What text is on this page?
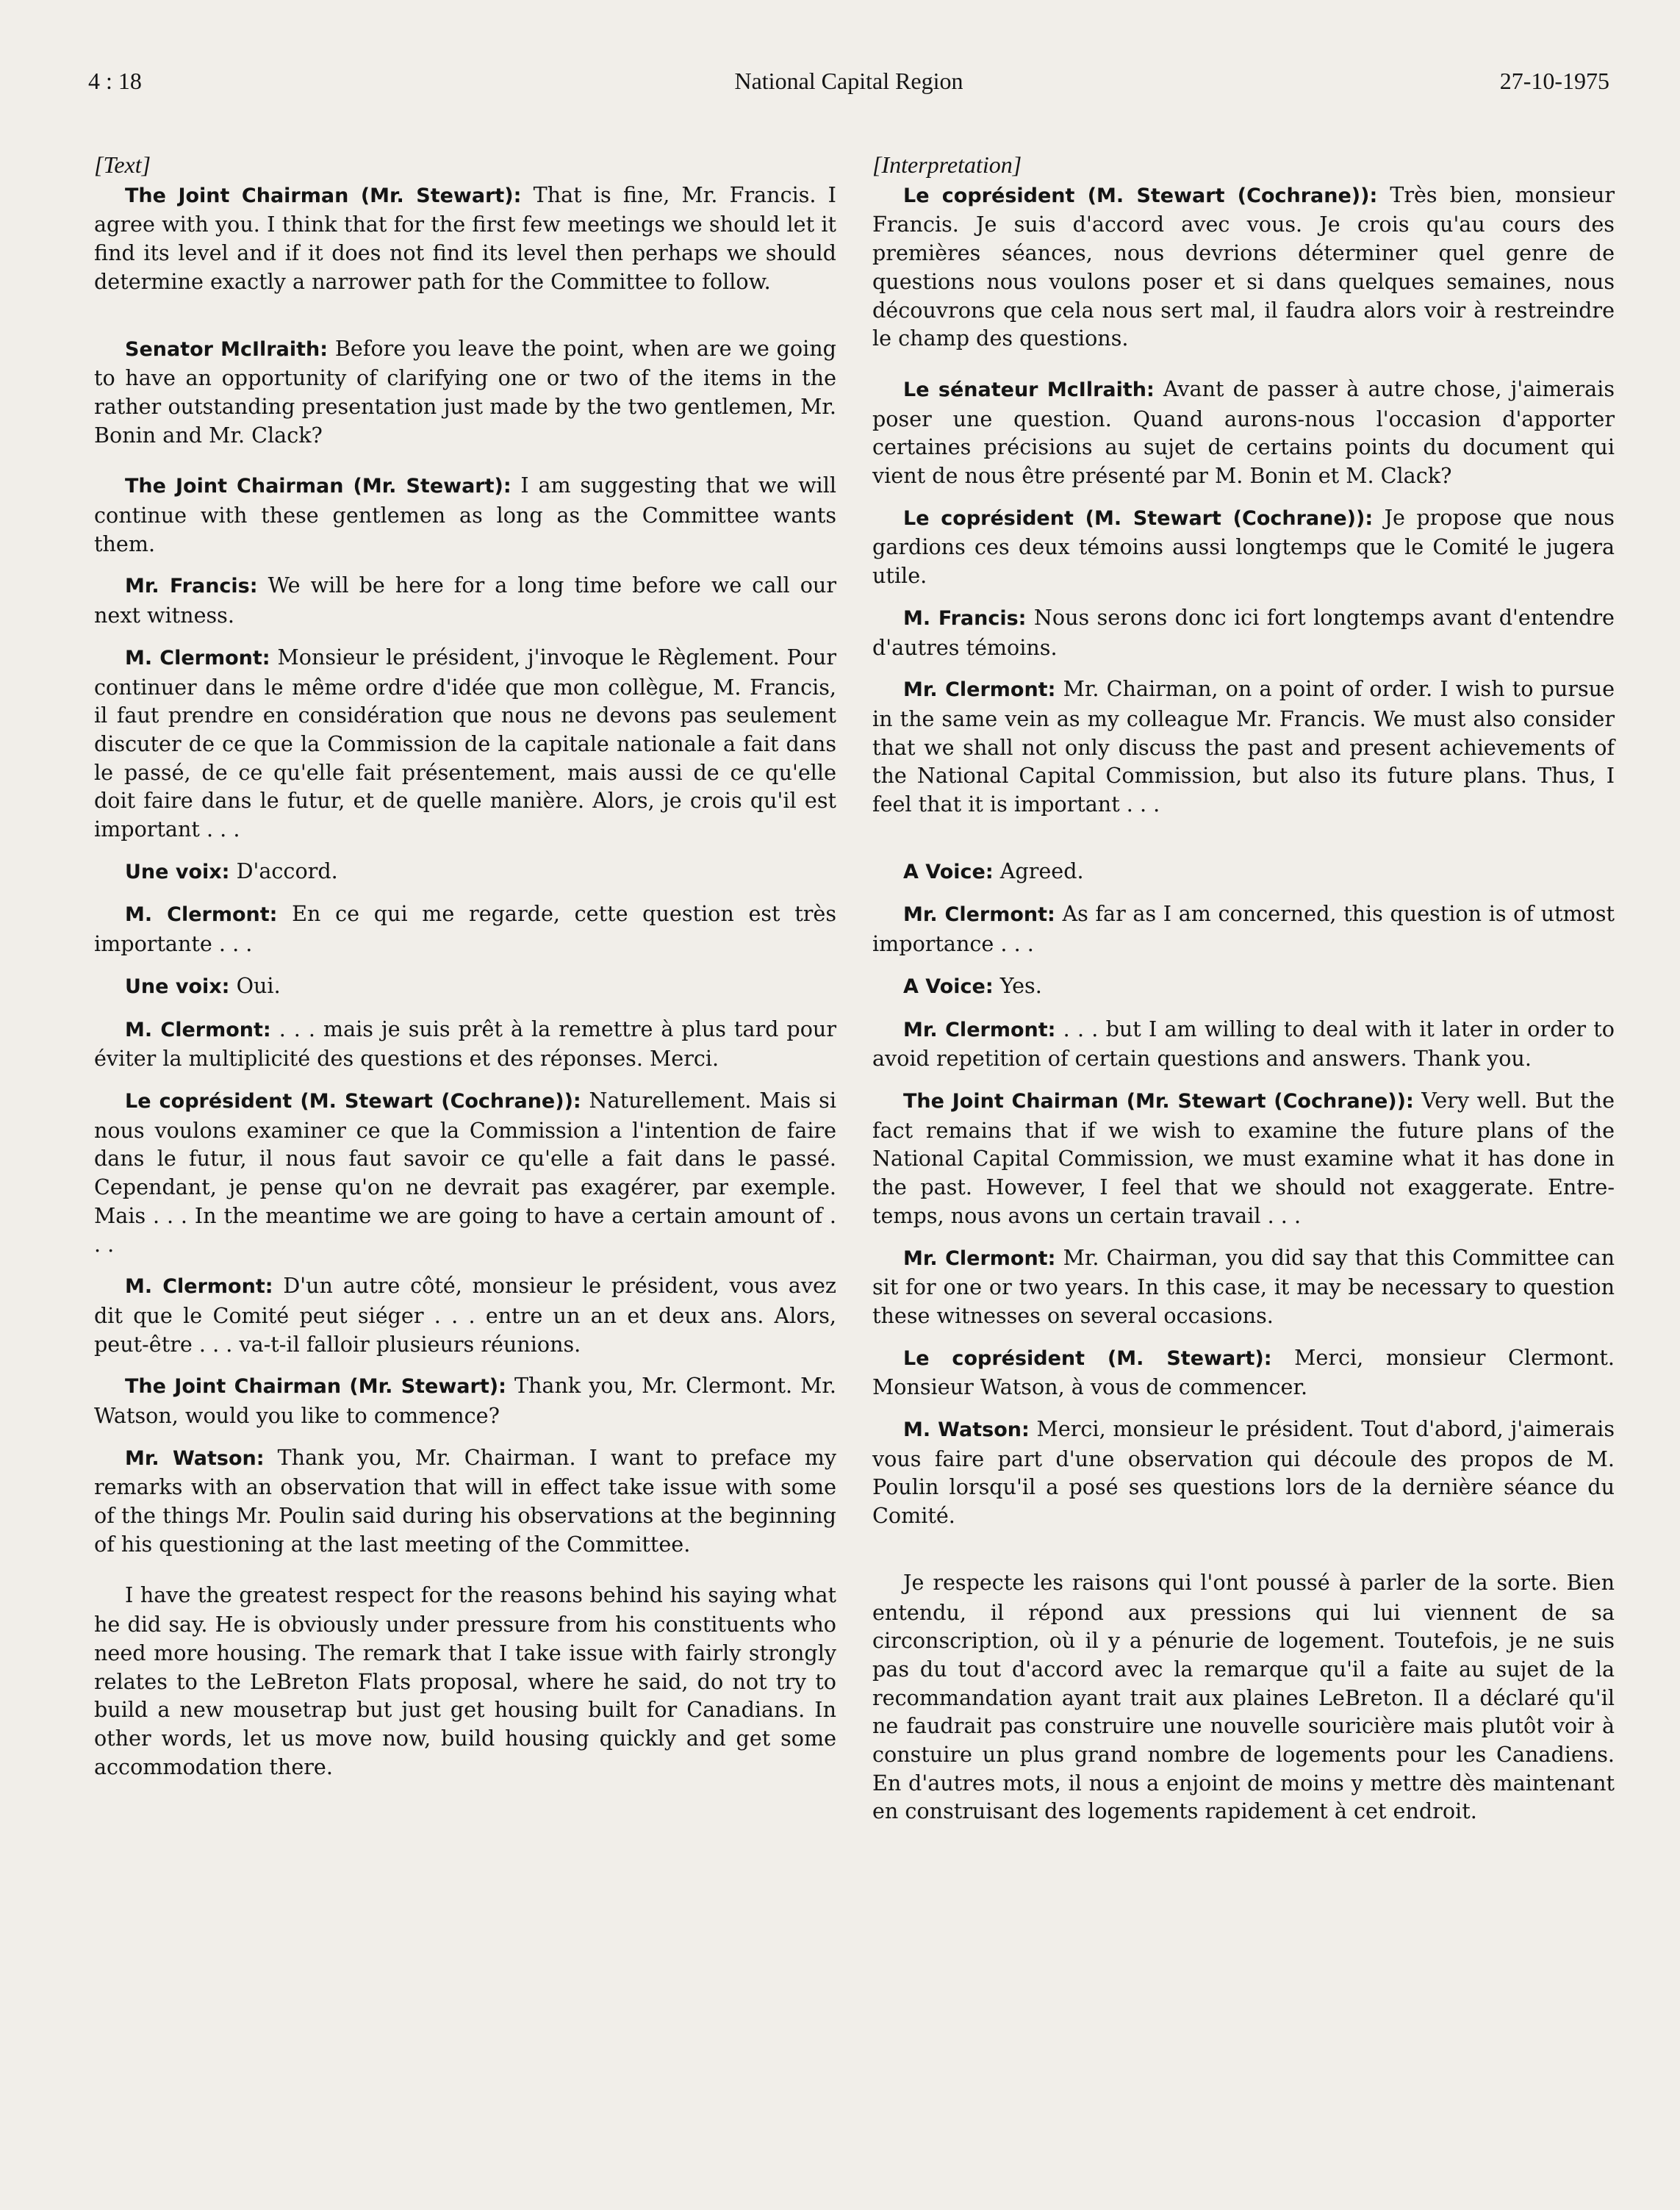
4 : 18	National Capital Region	27-10-1975

[Text]

The Joint Chairman (Mr. Stewart): That is fine, Mr. Francis. I agree with you. I think that for the first few meetings we should let it find its level and if it does not find its level then perhaps we should determine exactly a narrower path for the Committee to follow.

Senator McIlraith: Before you leave the point, when are we going to have an opportunity of clarifying one or two of the items in the rather outstanding presentation just made by the two gentlemen, Mr. Bonin and Mr. Clack?

The Joint Chairman (Mr. Stewart): I am suggesting that we will continue with these gentlemen as long as the Committee wants them.

Mr. Francis: We will be here for a long time before we call our next witness.

M. Clermont: Monsieur le président, j'invoque le Règlement. Pour continuer dans le même ordre d'idée que mon collègue, M. Francis, il faut prendre en considération que nous ne devons pas seulement discuter de ce que la Commission de la capitale nationale a fait dans le passé, de ce qu'elle fait présentement, mais aussi de ce qu'elle doit faire dans le futur, et de quelle manière. Alors, je crois qu'il est important . . .

Une voix: D'accord.

M. Clermont: En ce qui me regarde, cette question est très importante . . .

Une voix: Oui.

M. Clermont: . . . mais je suis prêt à la remettre à plus tard pour éviter la multiplicité des questions et des réponses. Merci.

Le coprésident (M. Stewart (Cochrane)): Naturellement. Mais si nous voulons examiner ce que la Commission a l'intention de faire dans le futur, il nous faut savoir ce qu'elle a fait dans le passé. Cependant, je pense qu'on ne devrait pas exagérer, par exemple. Mais . . . In the meantime we are going to have a certain amount of . . .

M. Clermont: D'un autre côté, monsieur le président, vous avez dit que le Comité peut siéger . . . entre un an et deux ans. Alors, peut-être . . . va-t-il falloir plusieurs réunions.

The Joint Chairman (Mr. Stewart): Thank you, Mr. Clermont. Mr. Watson, would you like to commence?

Mr. Watson: Thank you, Mr. Chairman. I want to preface my remarks with an observation that will in effect take issue with some of the things Mr. Poulin said during his observations at the beginning of his questioning at the last meeting of the Committee.

I have the greatest respect for the reasons behind his saying what he did say. He is obviously under pressure from his constituents who need more housing. The remark that I take issue with fairly strongly relates to the LeBreton Flats proposal, where he said, do not try to build a new mousetrap but just get housing built for Canadians. In other words, let us move now, build housing quickly and get some accommodation there.

[Interpretation]

Le coprésident (M. Stewart (Cochrane)): Très bien, monsieur Francis. Je suis d'accord avec vous. Je crois qu'au cours des premières séances, nous devrions déterminer quel genre de questions nous voulons poser et si dans quelques semaines, nous découvrons que cela nous sert mal, il faudra alors voir à restreindre le champ des questions.

Le sénateur McIlraith: Avant de passer à autre chose, j'aimerais poser une question. Quand aurons-nous l'occasion d'apporter certaines précisions au sujet de certains points du document qui vient de nous être présenté par M. Bonin et M. Clack?

Le coprésident (M. Stewart (Cochrane)): Je propose que nous gardions ces deux témoins aussi longtemps que le Comité le jugera utile.

M. Francis: Nous serons donc ici fort longtemps avant d'entendre d'autres témoins.

Mr. Clermont: Mr. Chairman, on a point of order. I wish to pursue in the same vein as my colleague Mr. Francis. We must also consider that we shall not only discuss the past and present achievements of the National Capital Commission, but also its future plans. Thus, I feel that it is important . . .

A Voice: Agreed.

Mr. Clermont: As far as I am concerned, this question is of utmost importance . . .

A Voice: Yes.

Mr. Clermont: . . . but I am willing to deal with it later in order to avoid repetition of certain questions and answers. Thank you.

The Joint Chairman (Mr. Stewart (Cochrane)): Very well. But the fact remains that if we wish to examine the future plans of the National Capital Commission, we must examine what it has done in the past. However, I feel that we should not exaggerate. Entre-temps, nous avons un certain travail . . .

Mr. Clermont: Mr. Chairman, you did say that this Committee can sit for one or two years. In this case, it may be necessary to question these witnesses on several occasions.

Le coprésident (M. Stewart): Merci, monsieur Clermont. Monsieur Watson, à vous de commencer.

M. Watson: Merci, monsieur le président. Tout d'abord, j'aimerais vous faire part d'une observation qui découle des propos de M. Poulin lorsqu'il a posé ses questions lors de la dernière séance du Comité.

Je respecte les raisons qui l'ont poussé à parler de la sorte. Bien entendu, il répond aux pressions qui lui viennent de sa circonscription, où il y a pénurie de logement. Toutefois, je ne suis pas du tout d'accord avec la remarque qu'il a faite au sujet de la recommandation ayant trait aux plaines LeBreton. Il a déclaré qu'il ne faudrait pas construire une nouvelle souricière mais plutôt voir à constuire un plus grand nombre de logements pour les Canadiens. En d'autres mots, il nous a enjoint de moins y mettre dès maintenant en construisant des logements rapidement à cet endroit.
